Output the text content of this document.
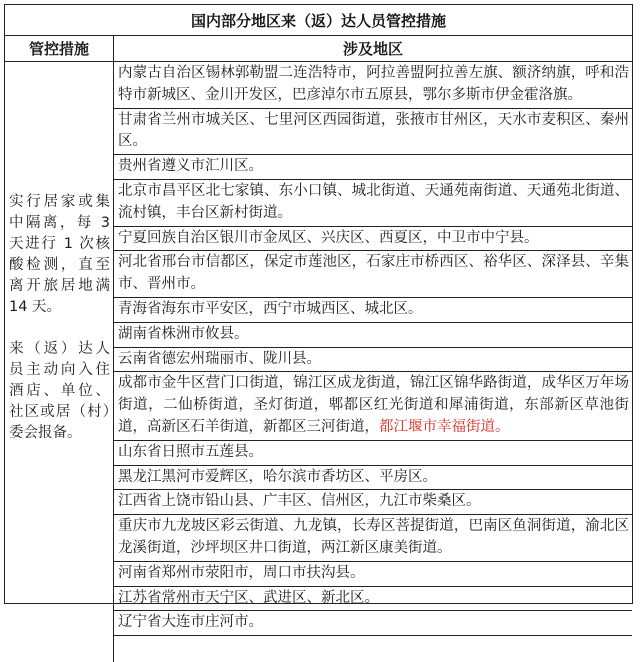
国内部分地区来（返）达人员管控措施
管控措施	涉及地区

实行居家或集中隔离，每 3 天进行 1 次核酸检测，直至离开旅居地满 14 天。

来（返）达人员主动向入住酒店、单位、社区或居（村）委会报备。

内蒙古自治区锡林郭勒盟二连浩特市，阿拉善盟阿拉善左旗、额济纳旗，呼和浩特市新城区、金川开发区，巴彦淖尔市五原县，鄂尔多斯市伊金霍洛旗。
甘肃省兰州市城关区、七里河区西园街道，张掖市甘州区，天水市麦积区、秦州区。
贵州省遵义市汇川区。
北京市昌平区北七家镇、东小口镇、城北街道、天通苑南街道、天通苑北街道、流村镇，丰台区新村街道。
宁夏回族自治区银川市金凤区、兴庆区、西夏区，中卫市中宁县。
河北省邢台市信都区，保定市莲池区，石家庄市桥西区、裕华区、深泽县、辛集市、晋州市。
青海省海东市平安区，西宁市城西区、城北区。
湖南省株洲市攸县。
云南省德宏州瑞丽市、陇川县。
成都市金牛区营门口街道，锦江区成龙街道，锦江区锦华路街道，成华区万年场街道，二仙桥街道，圣灯街道，郫都区红光街道和犀浦街道，东部新区草池街道，高新区石羊街道，新都区三河街道，都江堰市幸福街道。
山东省日照市五莲县。
黑龙江黑河市爱辉区，哈尔滨市香坊区、平房区。
江西省上饶市铅山县、广丰区、信州区，九江市柴桑区。
重庆市九龙坡区彩云街道、九龙镇，长寿区菩提街道，巴南区鱼洞街道，渝北区龙溪街道，沙坪坝区井口街道，两江新区康美街道。
河南省郑州市荥阳市，周口市扶沟县。
江苏省常州市天宁区、武进区、新北区。
辽宁省大连市庄河市。
